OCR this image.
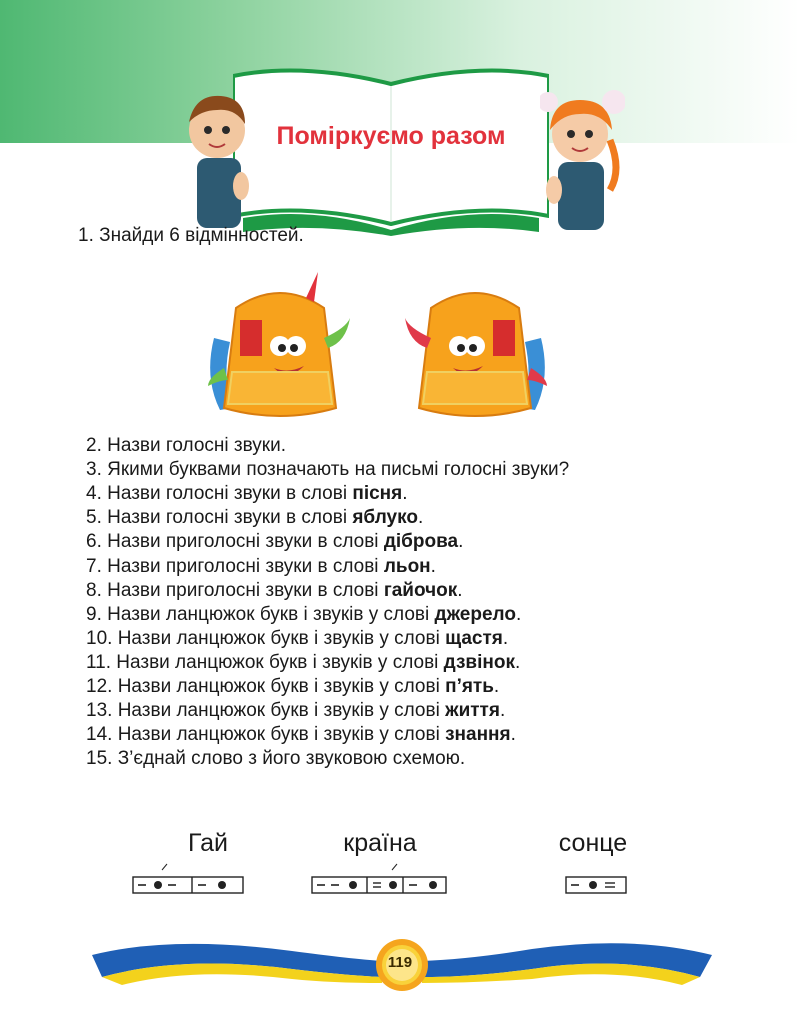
Поміркуємо разом
1. Знайди 6 відмінностей.
2. Назви голосні звуки.
3. Якими буквами позначають на письмі голосні звуки?
4. Назви голосні звуки в слові пісня.
5. Назви голосні звуки в слові яблуко.
6. Назви приголосні звуки в слові діброва.
7. Назви приголосні звуки в слові льон.
8. Назви приголосні звуки в слові гайочок.
9. Назви ланцюжок букв і звуків у слові джерело.
10. Назви ланцюжок букв і звуків у слові щастя.
11. Назви ланцюжок букв і звуків у слові дзвінок.
12. Назви ланцюжок букв і звуків у слові п’ять.
13. Назви ланцюжок букв і звуків у слові життя.
14. Назви ланцюжок букв і звуків у слові знання.
15. З’єднай слово з його звуковою схемою.
Гай	країна	сонце
119
